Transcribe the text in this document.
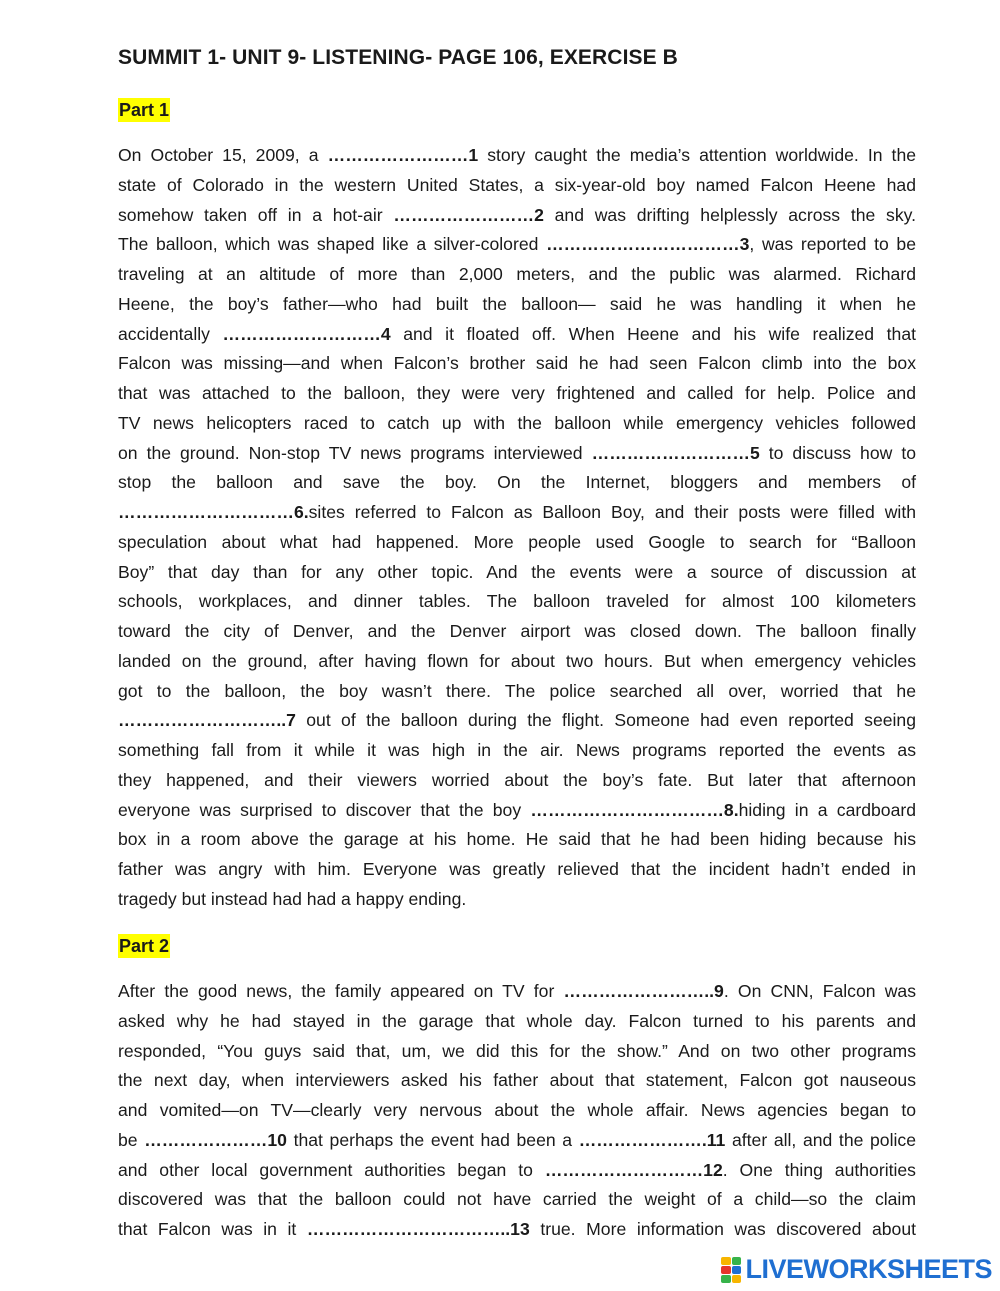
SUMMIT 1- UNIT 9- LISTENING- PAGE 106, EXERCISE B
Part 1
On October 15, 2009, a ……………………1 story caught the media’s attention worldwide. In the
state of Colorado in the western United States, a six-year-old boy named Falcon Heene had
somehow taken off in a hot-air ……………………2 and was drifting helplessly across the sky.
The balloon, which was shaped like a silver-colored ……………………………3, was reported to be
traveling at an altitude of more than 2,000 meters, and the public was alarmed. Richard
Heene, the boy’s father—who had built the balloon— said he was handling it when he
accidentally ………………………4 and it floated off. When Heene and his wife realized that
Falcon was missing—and when Falcon’s brother said he had seen Falcon climb into the box
that was attached to the balloon, they were very frightened and called for help. Police and
TV news helicopters raced to catch up with the balloon while emergency vehicles followed
on the ground. Non-stop TV news programs interviewed ………………………5 to discuss how to
stop the balloon and save the boy. On the Internet, bloggers and members of
…………………………6.sites referred to Falcon as Balloon Boy, and their posts were filled with
speculation about what had happened. More people used Google to search for “Balloon
Boy” that day than for any other topic. And the events were a source of discussion at
schools, workplaces, and dinner tables. The balloon traveled for almost 100 kilometers
toward the city of Denver, and the Denver airport was closed down. The balloon finally
landed on the ground, after having flown for about two hours. But when emergency vehicles
got to the balloon, the boy wasn’t there. The police searched all over, worried that he
………………………..7 out of the balloon during the flight. Someone had even reported seeing
something fall from it while it was high in the air. News programs reported the events as
they happened, and their viewers worried about the boy’s fate. But later that afternoon
everyone was surprised to discover that the boy ……………………………8.hiding in a cardboard
box in a room above the garage at his home. He said that he had been hiding because his
father was angry with him. Everyone was greatly relieved that the incident hadn’t ended in
tragedy but instead had had a happy ending.
Part 2
After the good news, the family appeared on TV for ……………………..9. On CNN, Falcon was
asked why he had stayed in the garage that whole day. Falcon turned to his parents and
responded, “You guys said that, um, we did this for the show.” And on two other programs
the next day, when interviewers asked his father about that statement, Falcon got nauseous
and vomited—on TV—clearly very nervous about the whole affair. News agencies began to
be …………………10 that perhaps the event had been a ………………….11 after all, and the police
and other local government authorities began to ………………………12. One thing authorities
discovered was that the balloon could not have carried the weight of a child—so the claim
that Falcon was in it ……………………………..13 true. More information was discovered about
LIVEWORKSHEETS
